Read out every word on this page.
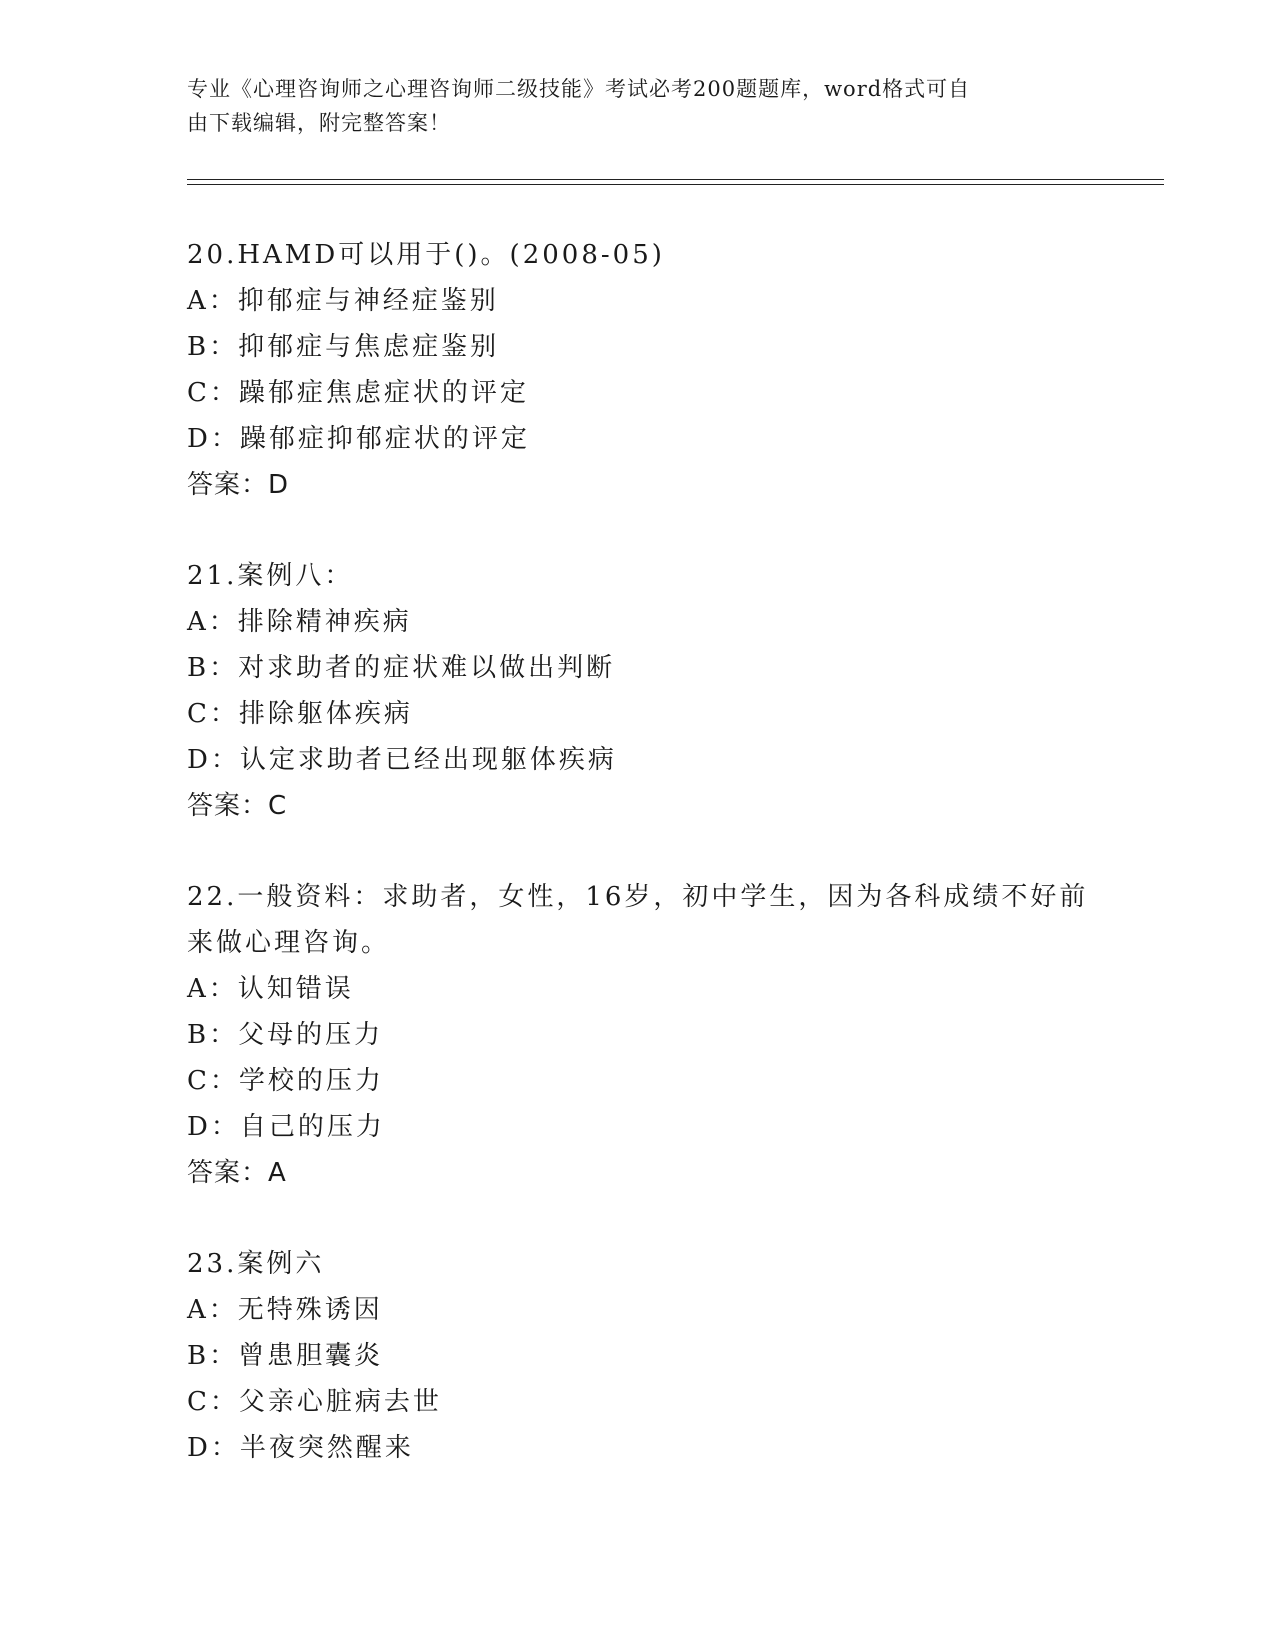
专业《心理咨询师之心理咨询师二级技能》考试必考200题题库，word格式可自
由下载编辑，附完整答案！
20.HAMD可以用于()。(2008-05)
A：抑郁症与神经症鉴别
B：抑郁症与焦虑症鉴别
C：躁郁症焦虑症状的评定
D：躁郁症抑郁症状的评定
答案：D
21.案例八：
A：排除精神疾病
B：对求助者的症状难以做出判断
C：排除躯体疾病
D：认定求助者已经出现躯体疾病
答案：C
22.一般资料：求助者，女性，16岁，初中学生，因为各科成绩不好前
来做心理咨询。
A：认知错误
B：父母的压力
C：学校的压力
D：自己的压力
答案：A
23.案例六
A：无特殊诱因
B：曾患胆囊炎
C：父亲心脏病去世
D：半夜突然醒来
